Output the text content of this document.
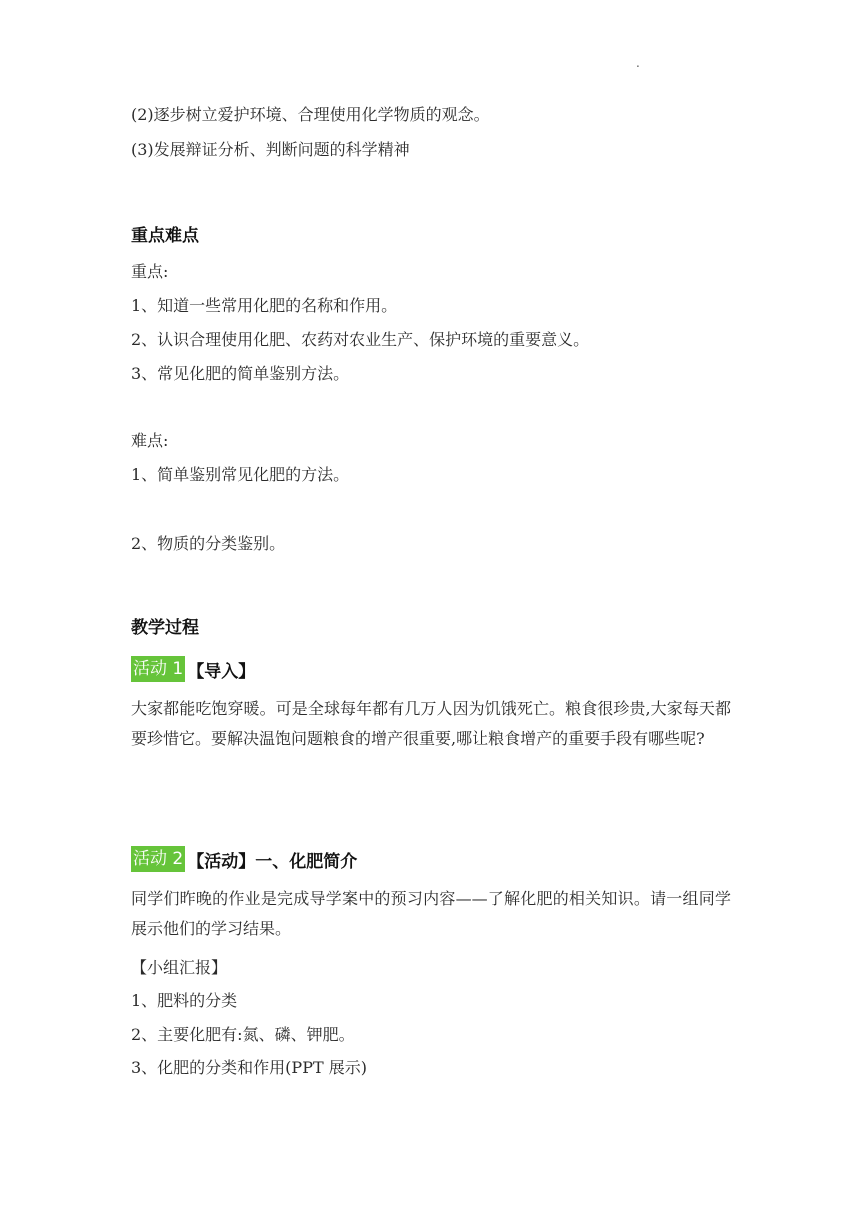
.
(2)逐步树立爱护环境、合理使用化学物质的观念。
(3)发展辩证分析、判断问题的科学精神
重点难点
重点:
1、知道一些常用化肥的名称和作用。
2、认识合理使用化肥、农药对农业生产、保护环境的重要意义。
3、常见化肥的简单鉴别方法。
难点:
1、简单鉴别常见化肥的方法。
2、物质的分类鉴别。
教学过程
活动 1 【导入】
大家都能吃饱穿暖。可是全球每年都有几万人因为饥饿死亡。粮食很珍贵,大家每天都要珍惜它。要解决温饱问题粮食的增产很重要,哪让粮食增产的重要手段有哪些呢?
活动 2 【活动】一、化肥简介
同学们昨晚的作业是完成导学案中的预习内容——了解化肥的相关知识。请一组同学展示他们的学习结果。
【小组汇报】
1、肥料的分类
2、主要化肥有:氮、磷、钾肥。
3、化肥的分类和作用(PPT 展示)
